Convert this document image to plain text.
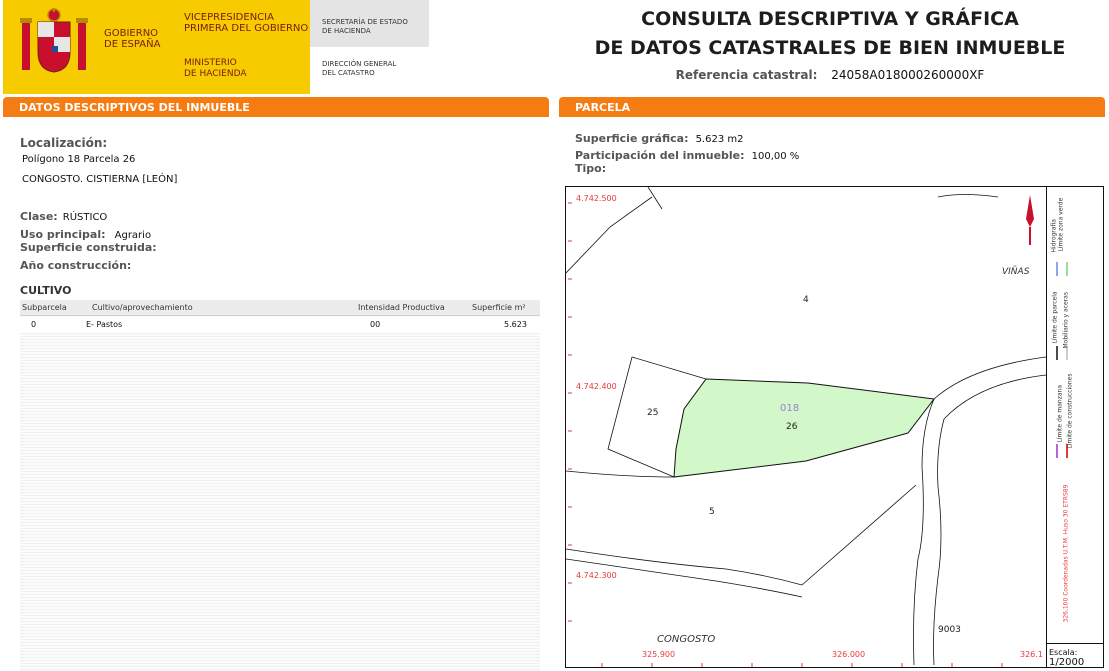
GOBIERNO
DE ESPAÑA
VICEPRESIDENCIA
PRIMERA DEL GOBIERNO
MINISTERIO
DE HACIENDA
SECRETARÍA DE ESTADO
DE HACIENDA
DIRECCIÓN GENERAL
DEL CATASTRO
CONSULTA DESCRIPTIVA Y GRÁFICA
DE DATOS CATASTRALES DE BIEN INMUEBLE
Referencia catastral: 24058A018000260000XF
DATOS DESCRIPTIVOS DEL INMUEBLE	PARCELA
Localización:
Polígono 18 Parcela 26
CONGOSTO. CISTIERNA [LEÓN]
Clase: RÚSTICO
Uso principal: Agrario
Superficie construida:
Año construcción:
CULTIVO
Subparcela	Cultivo/aprovechamiento	Intensidad Productiva	Superficie m²
0	E- Pastos	00	5.623
Superficie gráfica: 5.623 m2
Participación del inmueble: 100,00 %
Tipo:
4.742.500
4.742.400
4.742.300
325.900	326.000	326.1
4
25
26
5
9003
018
VIÑAS
CONGOSTO
Hidrografía Límite zona verde
Límite de parcela Mobiliario y aceras
Límite de manzana Límite de construcciones
326,100 Coordenadas U.T.M. Huso 30 ETRS89
Escala:
1/2000
